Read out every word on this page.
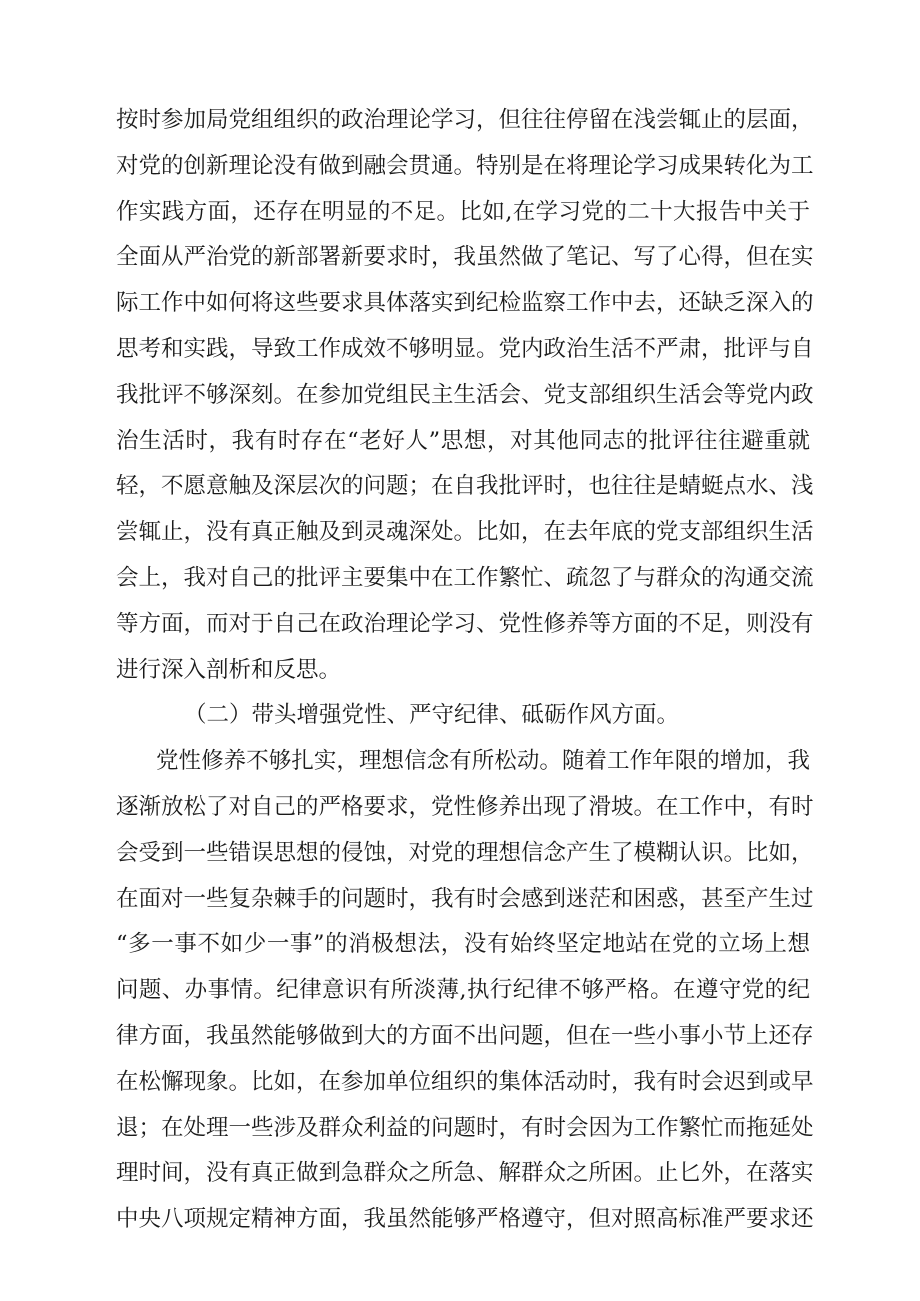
按时参加局党组组织的政治理论学习，但往往停留在浅尝辄止的层面，
对党的创新理论没有做到融会贯通。特别是在将理论学习成果转化为工
作实践方面，还存在明显的不足。比如,在学习党的二十大报告中关于
全面从严治党的新部署新要求时，我虽然做了笔记、写了心得，但在实
际工作中如何将这些要求具体落实到纪检监察工作中去，还缺乏深入的
思考和实践，导致工作成效不够明显。党内政治生活不严肃，批评与自
我批评不够深刻。在参加党组民主生活会、党支部组织生活会等党内政
治生活时，我有时存在“老好人”思想，对其他同志的批评往往避重就
轻，不愿意触及深层次的问题；在自我批评时，也往往是蜻蜓点水、浅
尝辄止，没有真正触及到灵魂深处。比如，在去年底的党支部组织生活
会上，我对自己的批评主要集中在工作繁忙、疏忽了与群众的沟通交流
等方面，而对于自己在政治理论学习、党性修养等方面的不足，则没有
进行深入剖析和反思。
（二）带头增强党性、严守纪律、砥砺作风方面。
党性修养不够扎实，理想信念有所松动。随着工作年限的增加，我
逐渐放松了对自己的严格要求，党性修养出现了滑坡。在工作中，有时
会受到一些错误思想的侵蚀，对党的理想信念产生了模糊认识。比如，
在面对一些复杂棘手的问题时，我有时会感到迷茫和困惑，甚至产生过
“多一事不如少一事”的消极想法，没有始终坚定地站在党的立场上想
问题、办事情。纪律意识有所淡薄,执行纪律不够严格。在遵守党的纪
律方面，我虽然能够做到大的方面不出问题，但在一些小事小节上还存
在松懈现象。比如，在参加单位组织的集体活动时，我有时会迟到或早
退；在处理一些涉及群众利益的问题时，有时会因为工作繁忙而拖延处
理时间，没有真正做到急群众之所急、解群众之所困。止匕外，在落实
中央八项规定精神方面，我虽然能够严格遵守，但对照高标准严要求还
